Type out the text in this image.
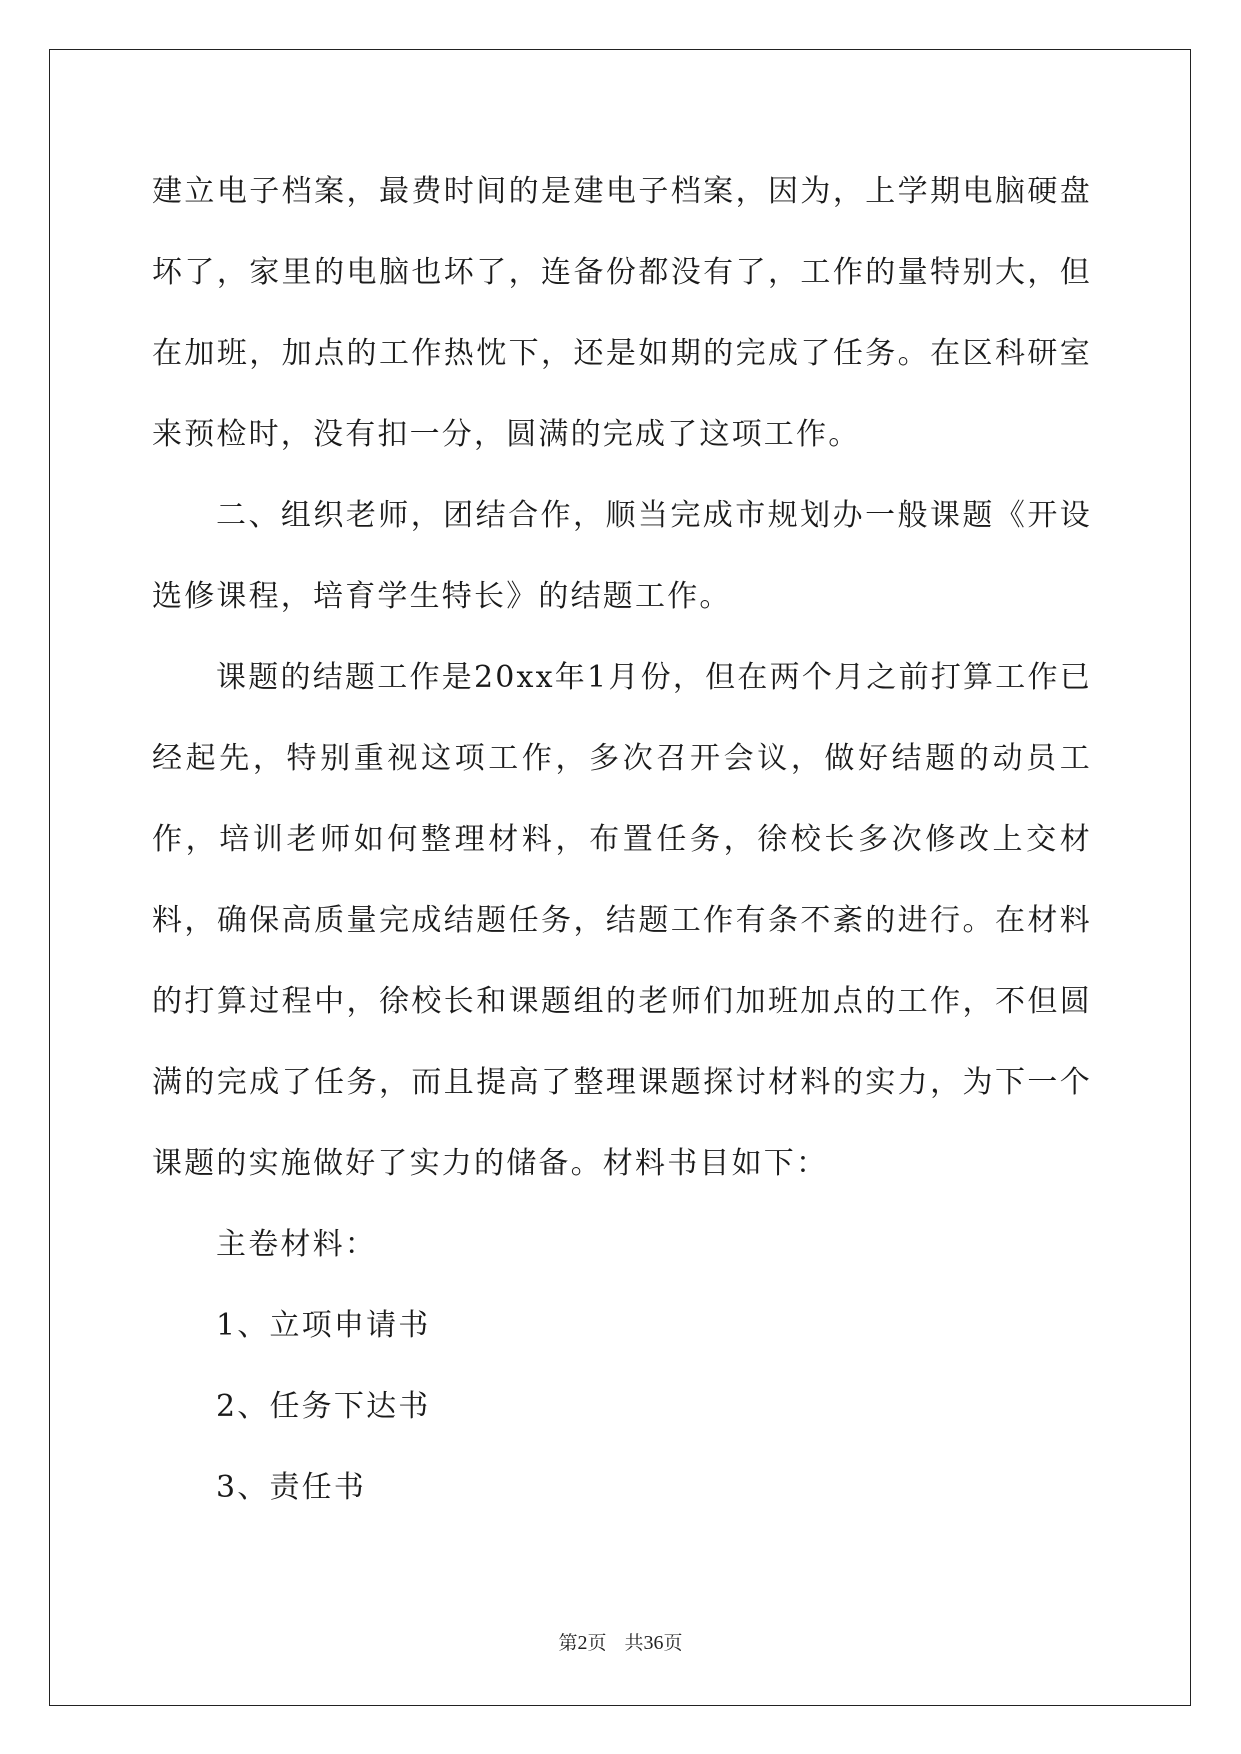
建立电子档案，最费时间的是建电子档案，因为，上学期电脑硬盘坏了，家里的电脑也坏了，连备份都没有了，工作的量特别大，但在加班，加点的工作热忱下，还是如期的完成了任务。在区科研室来预检时，没有扣一分，圆满的完成了这项工作。

二、组织老师，团结合作，顺当完成市规划办一般课题《开设选修课程，培育学生特长》的结题工作。

课题的结题工作是20xx年1月份，但在两个月之前打算工作已经起先，特别重视这项工作，多次召开会议，做好结题的动员工作，培训老师如何整理材料，布置任务，徐校长多次修改上交材料，确保高质量完成结题任务，结题工作有条不紊的进行。在材料的打算过程中，徐校长和课题组的老师们加班加点的工作，不但圆满的完成了任务，而且提高了整理课题探讨材料的实力，为下一个课题的实施做好了实力的储备。材料书目如下：

主卷材料：

1、立项申请书

2、任务下达书

3、责任书

第2页 共36页
